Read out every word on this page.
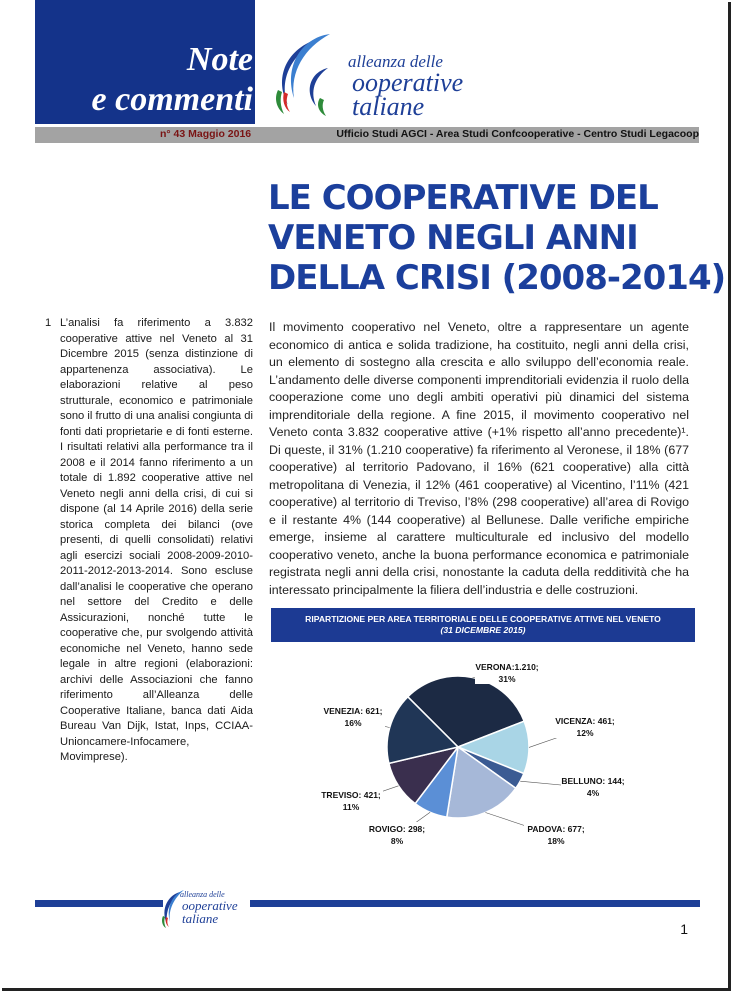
Note
e commenti
alleanza delle
ooperative
taliane
n° 43 Maggio 2016	Ufficio Studi AGCI - Area Studi Confcooperative - Centro Studi Legacoop
LE COOPERATIVE DEL
VENETO NEGLI ANNI
DELLA CRISI (2008-2014)
1 L’analisi fa riferimento a 3.832 cooperative attive nel Veneto al 31 Dicembre 2015 (senza distinzione di appartenenza associativa). Le elaborazioni relative al peso strutturale, economico e patrimoniale sono il frutto di una analisi congiunta di fonti dati proprietarie e di fonti esterne. I risultati relativi alla performance tra il 2008 e il 2014 fanno riferimento a un totale di 1.892 cooperative attive nel Veneto negli anni della crisi, di cui si dispone (al 14 Aprile 2016) della serie storica completa dei bilanci (ove presenti, di quelli consolidati) relativi agli esercizi sociali 2008-2009-2010-2011-2012-2013-2014. Sono escluse dall’analisi le cooperative che operano nel settore del Credito e delle Assicurazioni, nonché tutte le cooperative che, pur svolgendo attività economiche nel Veneto, hanno sede legale in altre regioni (elaborazioni: archivi delle Associazioni che fanno riferimento all’Alleanza delle Cooperative Italiane, banca dati Aida Bureau Van Dijk, Istat, Inps, CCIAA-Unioncamere-Infocamere, Movimprese).
Il movimento cooperativo nel Veneto, oltre a rappresentare un agente economico di antica e solida tradizione, ha costituito, negli anni della crisi, un elemento di sostegno alla crescita e allo sviluppo dell’economia reale. L’andamento delle diverse componenti imprenditoriali evidenzia il ruolo della cooperazione come uno degli ambiti operativi più dinamici del sistema imprenditoriale della regione. A fine 2015, il movimento cooperativo nel Veneto conta 3.832 cooperative attive (+1% rispetto all’anno precedente)¹. Di queste, il 31% (1.210 cooperative) fa riferimento al Veronese, il 18% (677 cooperative) al territorio Padovano, il 16% (621 cooperative) alla città metropolitana di Venezia, il 12% (461 cooperative) al Vicentino, l’11% (421 cooperative) al territorio di Treviso, l’8% (298 cooperative) all’area di Rovigo e il restante 4% (144 cooperative) al Bellunese. Dalle verifiche empiriche emerge, insieme al carattere multiculturale ed inclusivo del modello cooperativo veneto, anche la buona performance economica e patrimoniale registrata negli anni della crisi, nonostante la caduta della redditività che ha interessato principalmente la filiera dell’industria e delle costruzioni.
RIPARTIZIONE PER AREA TERRITORIALE DELLE COOPERATIVE ATTIVE NEL VENETO
(31 DICEMBRE 2015)
VERONA:1.210;
31%
VICENZA: 461;
12%
BELLUNO: 144;
4%
PADOVA: 677;
18%
ROVIGO: 298;
8%
TREVISO: 421;
11%
VENEZIA: 621;
16%
alleanza delle
ooperative
taliane
1
